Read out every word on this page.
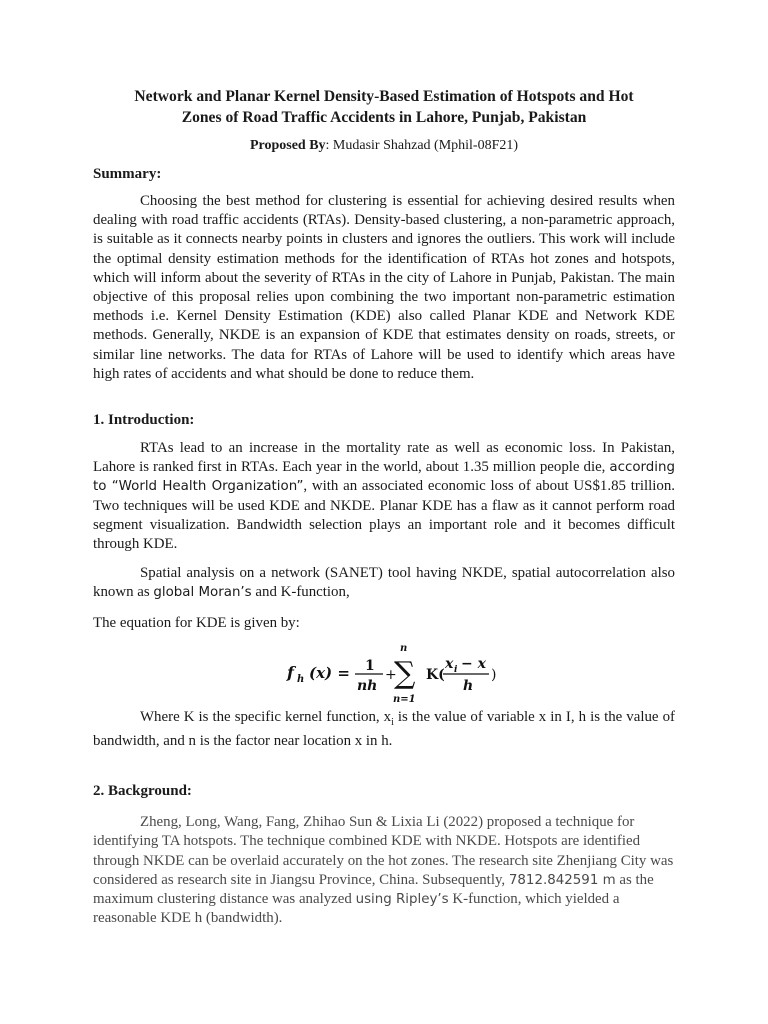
Network and Planar Kernel Density-Based Estimation of Hotspots and Hot
Zones of Road Traffic Accidents in Lahore, Punjab, Pakistan

Proposed By: Mudasir Shahzad (Mphil-08F21)

Summary:

Choosing the best method for clustering is essential for achieving desired results when dealing with road traffic accidents (RTAs). Density-based clustering, a non-parametric approach, is suitable as it connects nearby points in clusters and ignores the outliers. This work will include the optimal density estimation methods for the identification of RTAs hot zones and hotspots, which will inform about the severity of RTAs in the city of Lahore in Punjab, Pakistan. The main objective of this proposal relies upon combining the two important non-parametric estimation methods i.e. Kernel Density Estimation (KDE) also called Planar KDE and Network KDE methods. Generally, NKDE is an expansion of KDE that estimates density on roads, streets, or similar line networks. The data for RTAs of Lahore will be used to identify which areas have high rates of accidents and what should be done to reduce them.

1. Introduction:

RTAs lead to an increase in the mortality rate as well as economic loss. In Pakistan, Lahore is ranked first in RTAs. Each year in the world, about 1.35 million people die, according to “World Health Organization”, with an associated economic loss of about US$1.85 trillion. Two techniques will be used KDE and NKDE. Planar KDE has a flaw as it cannot perform road segment visualization. Bandwidth selection plays an important role and it becomes difficult through KDE.

Spatial analysis on a network (SANET) tool having NKDE, spatial autocorrelation also known as global Moran’s and K-function,

The equation for KDE is given by:

f h (x) = 1
nh
+
n
∑
n=1
K(
x i − x
h
)

Where K is the specific kernel function, $x_i$ is the value of variable x in I, h is the value of bandwidth, and n is the factor near location x in h.

2. Background:

Zheng, Long, Wang, Fang, Zhihao Sun & Lixia Li (2022) proposed a technique for identifying TA hotspots. The technique combined KDE with NKDE. Hotspots are identified through NKDE can be overlaid accurately on the hot zones. The research site Zhenjiang City was considered as research site in Jiangsu Province, China. Subsequently, 7812.842591 m as the maximum clustering distance was analyzed using Ripley’s K-function, which yielded a reasonable KDE h (bandwidth).
